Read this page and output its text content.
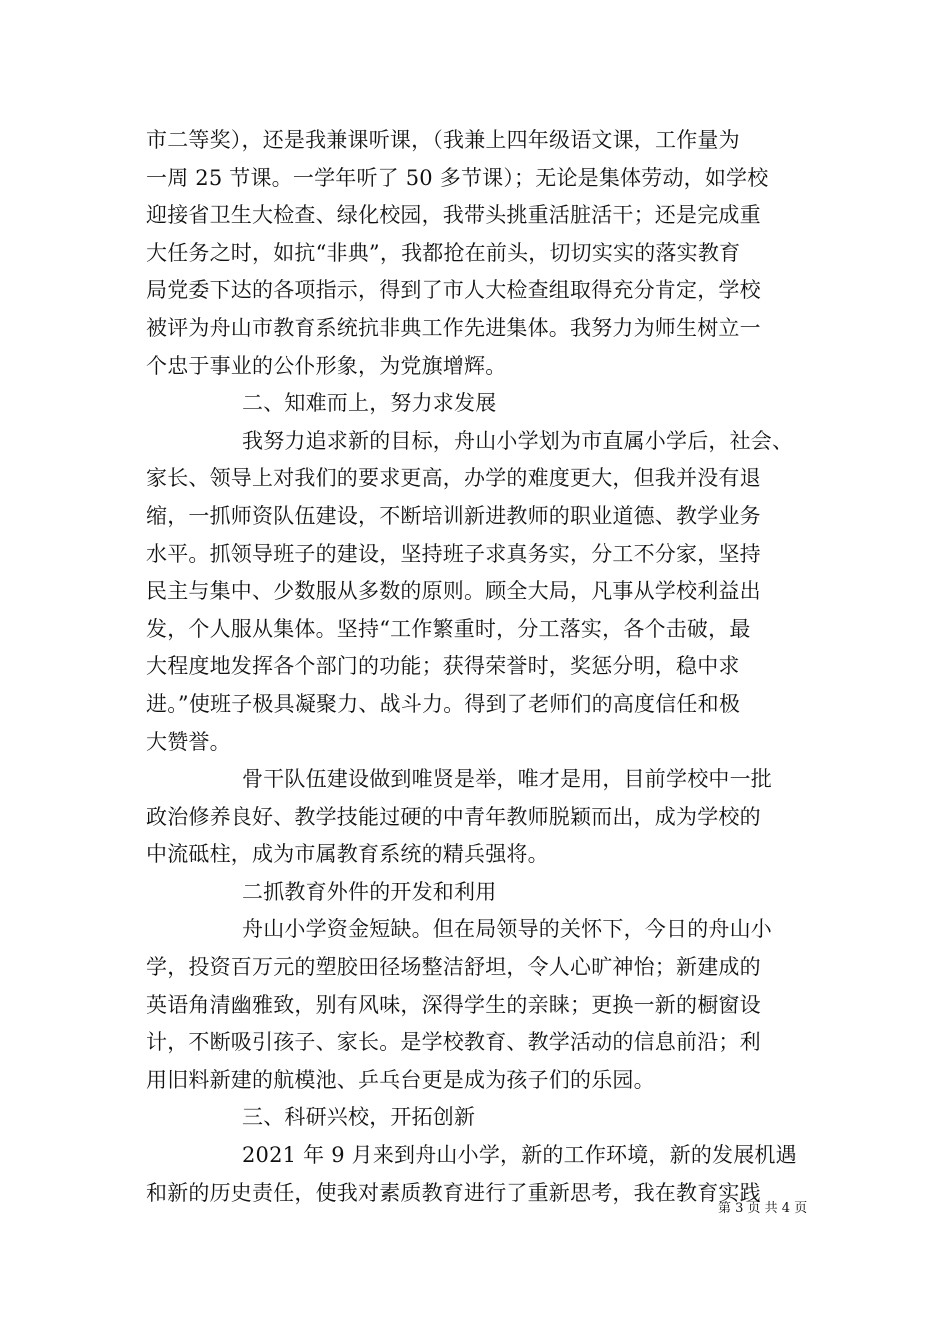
市二等奖），还是我兼课听课，（我兼上四年级语文课，工作量为
一周 25 节课。一学年听了 50 多节课）；无论是集体劳动，如学校
迎接省卫生大检查、绿化校园，我带头挑重活脏活干；还是完成重
大任务之时，如抗“非典”，我都抢在前头，切切实实的落实教育
局党委下达的各项指示，得到了市人大检查组取得充分肯定，学校
被评为舟山市教育系统抗非典工作先进集体。我努力为师生树立一
个忠于事业的公仆形象，为党旗增辉。
二、知难而上，努力求发展
我努力追求新的目标，舟山小学划为市直属小学后，社会、
家长、领导上对我们的要求更高，办学的难度更大，但我并没有退
缩，一抓师资队伍建设，不断培训新进教师的职业道德、教学业务
水平。抓领导班子的建设，坚持班子求真务实，分工不分家，坚持
民主与集中、少数服从多数的原则。顾全大局，凡事从学校利益出
发，个人服从集体。坚持“工作繁重时，分工落实，各个击破，最
大程度地发挥各个部门的功能；获得荣誉时，奖惩分明，稳中求
进。”使班子极具凝聚力、战斗力。得到了老师们的高度信任和极
大赞誉。
骨干队伍建设做到唯贤是举，唯才是用，目前学校中一批
政治修养良好、教学技能过硬的中青年教师脱颖而出，成为学校的
中流砥柱，成为市属教育系统的精兵强将。
二抓教育外件的开发和利用
舟山小学资金短缺。但在局领导的关怀下，今日的舟山小
学，投资百万元的塑胶田径场整洁舒坦，令人心旷神怡；新建成的
英语角清幽雅致，别有风味，深得学生的亲睐；更换一新的橱窗设
计，不断吸引孩子、家长。是学校教育、教学活动的信息前沿；利
用旧料新建的航模池、乒乓台更是成为孩子们的乐园。
三、科研兴校，开拓创新
2021 年 9 月来到舟山小学，新的工作环境，新的发展机遇
和新的历史责任，使我对素质教育进行了重新思考，我在教育实践
第 3 页 共 4 页
